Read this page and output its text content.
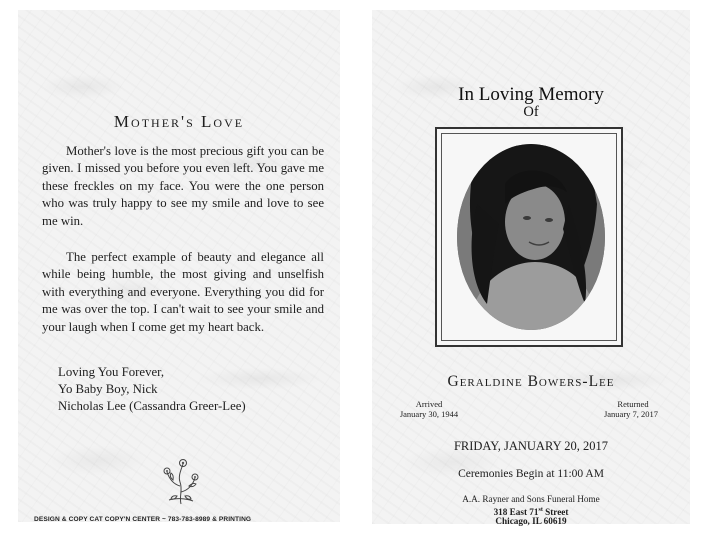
Mother's Love

Mother's love is the most precious gift you can be given. I missed you before you even left. You gave me these freckles on my face. You were the one person who was truly happy to see my smile and love to see me win.

The perfect example of beauty and elegance all while being humble, the most giving and unselfish with everything and everyone. Everything you did for me was over the top. I can't wait to see your smile and your laugh when I come get my heart back.

Loving You Forever,
Yo Baby Boy, Nick
Nicholas Lee (Cassandra Greer-Lee)
DESIGN & COPY CAT COPY'N CENTER ~ 783-783-8989 & PRINTING
In Loving Memory
Of
Geraldine Bowers-Lee
Arrived
January 30, 1944
Returned
January 7, 2017
FRIDAY, JANUARY 20, 2017
Ceremonies Begin at 11:00 AM
A.A. Rayner and Sons Funeral Home
318 East 71st Street
Chicago, IL 60619
